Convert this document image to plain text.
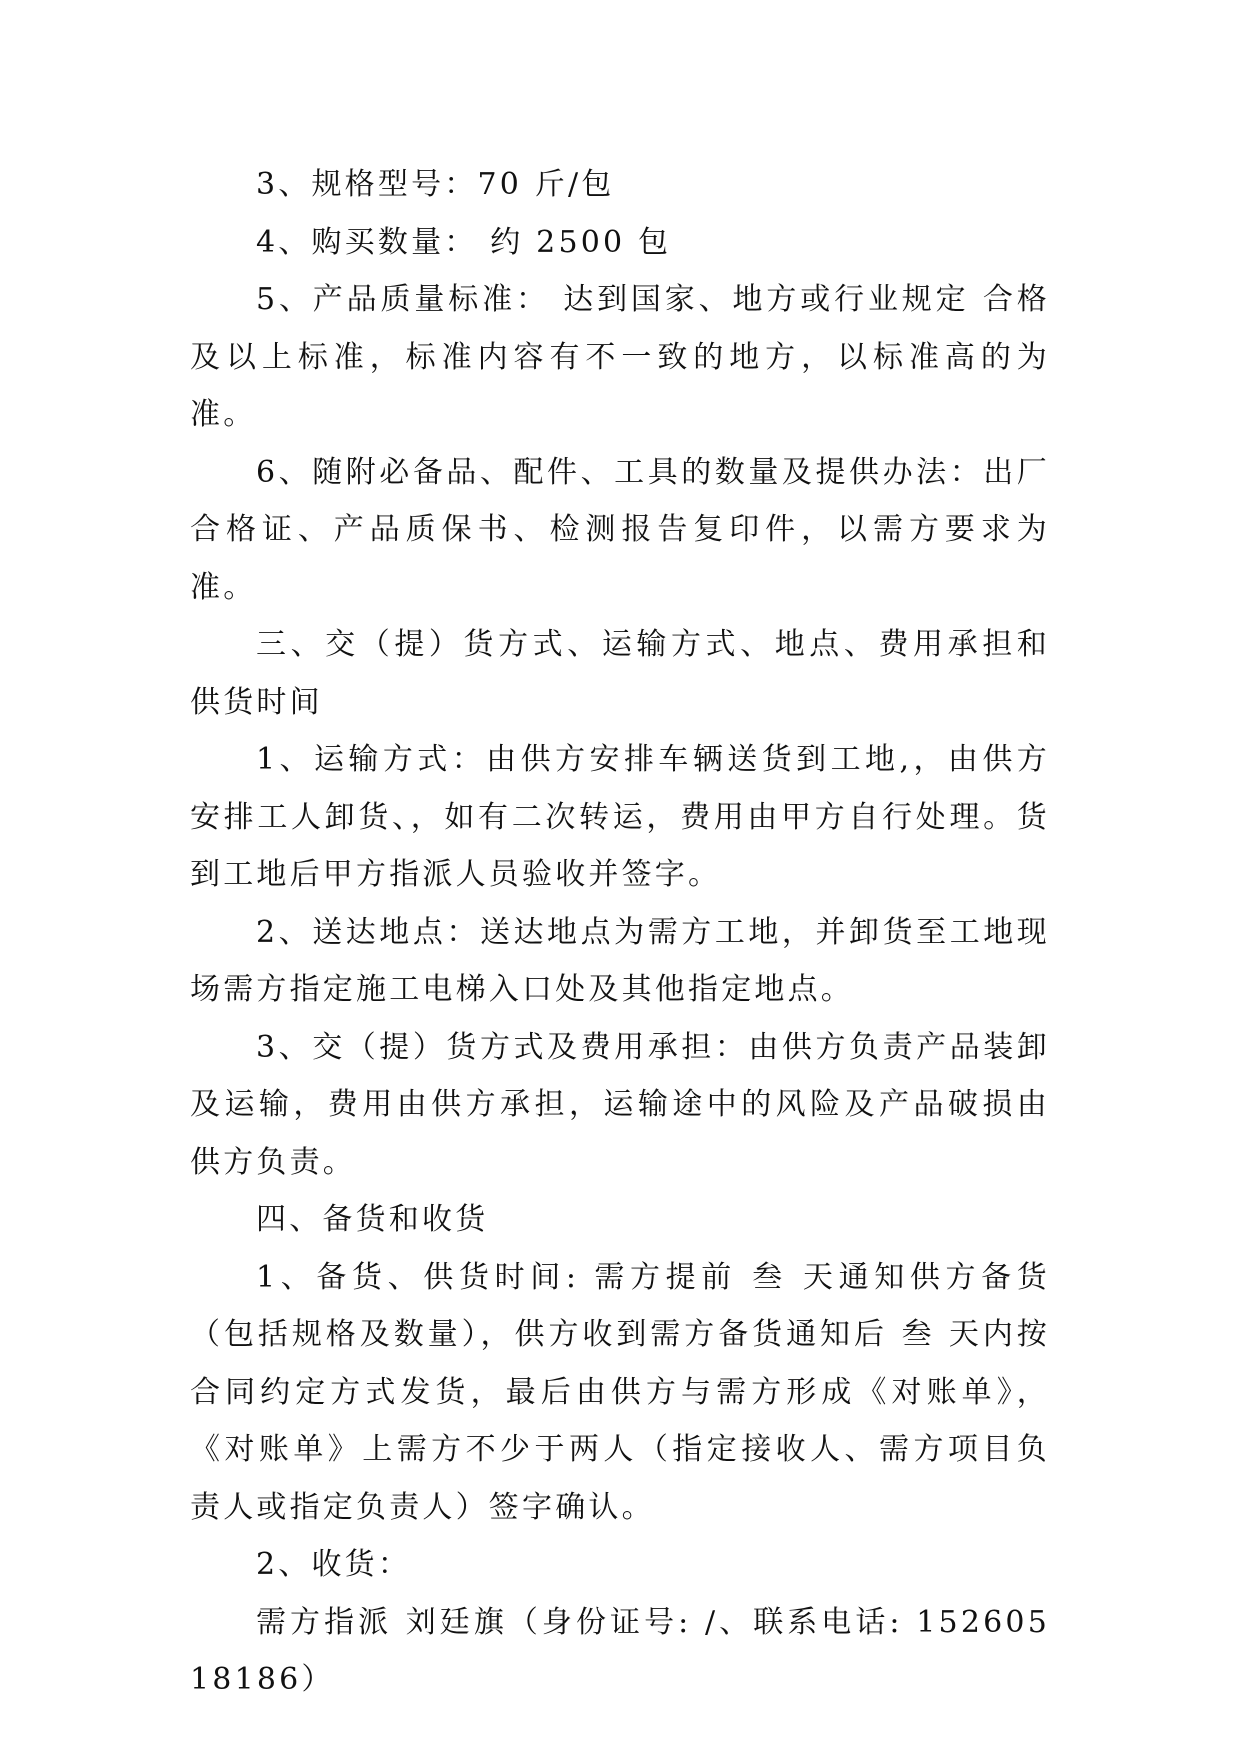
3、规格型号：70 斤/包

4、购买数量： 约 2500 包

5、产品质量标准： 达到国家、地方或行业规定 合格及以上标准，标准内容有不一致的地方，以标准高的为准。

6、随附必备品、配件、工具的数量及提供办法：出厂合格证、产品质保书、检测报告复印件，以需方要求为准。

三、交（提）货方式、运输方式、地点、费用承担和供货时间

1、运输方式：由供方安排车辆送货到工地,，由供方安排工人卸货、，如有二次转运，费用由甲方自行处理。货到工地后甲方指派人员验收并签字。

2、送达地点：送达地点为需方工地，并卸货至工地现场需方指定施工电梯入口处及其他指定地点。

3、交（提）货方式及费用承担：由供方负责产品装卸及运输，费用由供方承担，运输途中的风险及产品破损由供方负责。

四、备货和收货

1、备货、供货时间: 需方提前 叁 天通知供方备货（包括规格及数量），供方收到需方备货通知后 叁 天内按合同约定方式发货，最后由供方与需方形成《对账单》，《对账单》上需方不少于两人（指定接收人、需方项目负责人或指定负责人）签字确认。

2、收货：

需方指派 刘廷旗（身份证号: /、联系电话: 15260518186）
